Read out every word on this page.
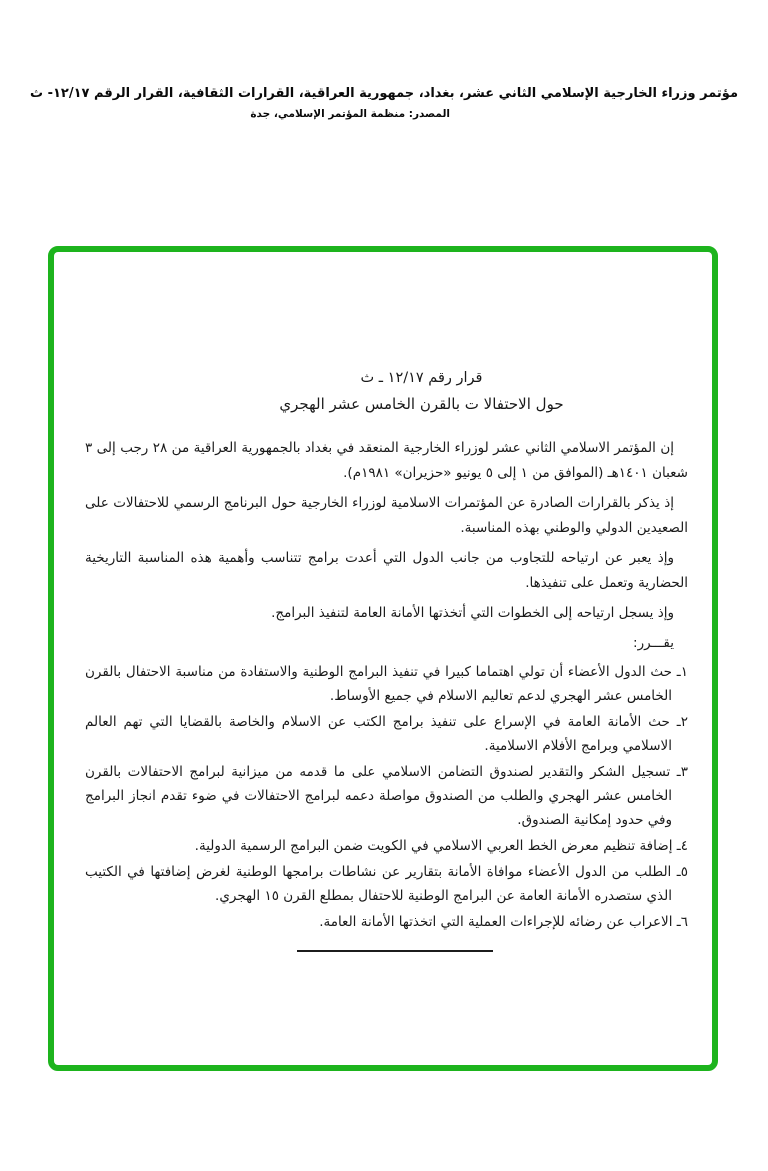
مؤتمر وزراء الخارجية الإسلامي الثاني عشر، بغداد، جمهورية العراقية، القرارات الثقافية، القرار الرقم ١٢/١٧- ث
المصدر: منظمة المؤتمر الإسلامي، جدة
قرار رقم ١٢/١٧ ـ ث
حول الاحتفالا ت بالقرن الخامس عشر الهجري

إن المؤتمر الاسلامي الثاني عشر لوزراء الخارجية المنعقد في بغداد بالجمهورية العراقية من ٢٨ رجب إلى ٣ شعبان ١٤٠١هـ (الموافق من ١ إلى ٥ يونيو «حزيران» ١٩٨١م).

إذ يذكر بالقرارات الصادرة عن المؤتمرات الاسلامية لوزراء الخارجية حول البرنامج الرسمي للاحتفالات على الصعيدين الدولي والوطني بهذه المناسبة.

وإذ يعبر عن ارتياحه للتجاوب من جانب الدول التي أعدت برامج تتناسب وأهمية هذه المناسبة التاريخية الحضارية وتعمل على تنفيذها.

وإذ يسجل ارتياحه إلى الخطوات التي أتخذتها الأمانة العامة لتنفيذ البرامج.

يقـــرر:

١ـ حث الدول الأعضاء أن تولي اهتماما كبيرا في تنفيذ البرامج الوطنية والاستفادة من مناسبة الاحتفال بالقرن الخامس عشر الهجري لدعم تعاليم الاسلام في جميع الأوساط.

٢ـ حث الأمانة العامة في الإسراع على تنفيذ برامج الكتب عن الاسلام والخاصة بالقضايا التي تهم العالم الاسلامي وبرامج الأفلام الاسلامية.

٣ـ تسجيل الشكر والتقدير لصندوق التضامن الاسلامي على ما قدمه من ميزانية لبرامج الاحتفالات بالقرن الخامس عشر الهجري والطلب من الصندوق مواصلة دعمه لبرامج الاحتفالات في ضوء تقدم انجاز البرامج وفي حدود إمكانية الصندوق.

٤ـ إضافة تنظيم معرض الخط العربي الاسلامي في الكويت ضمن البرامج الرسمية الدولية.

٥ـ الطلب من الدول الأعضاء موافاة الأمانة بتقارير عن نشاطات برامجها الوطنية لغرض إضافتها في الكتيب الذي ستصدره الأمانة العامة عن البرامج الوطنية للاحتفال بمطلع القرن ١٥ الهجري.

٦ـ الاعراب عن رضائه للإجراءات العملية التي اتخذتها الأمانة العامة.
